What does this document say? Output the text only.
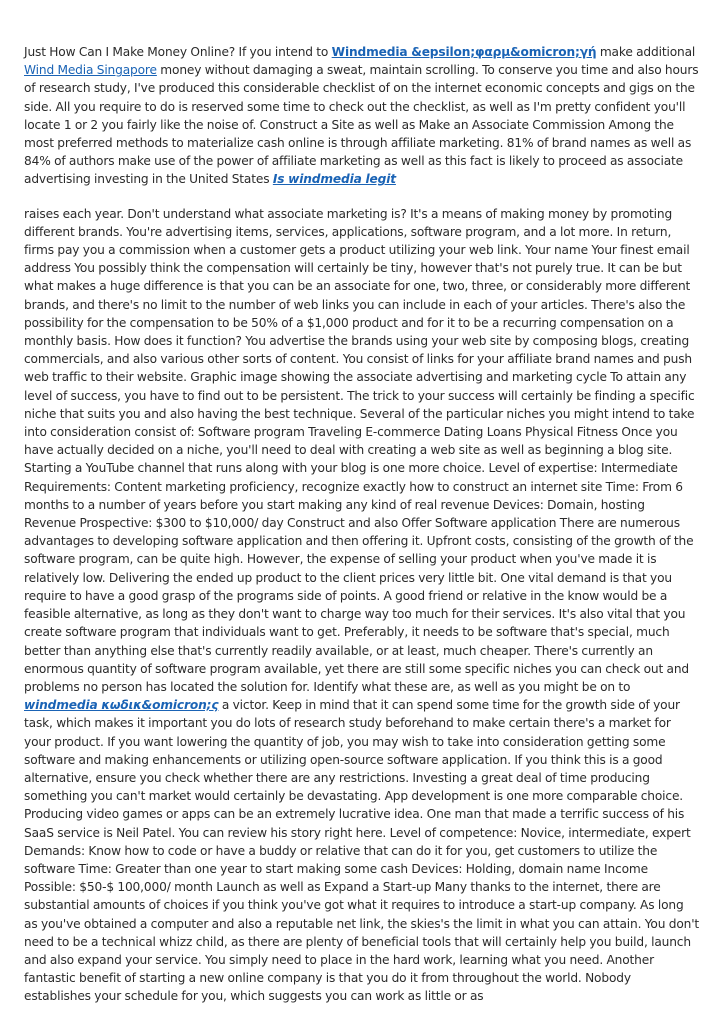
Just How Can I Make Money Online? If you intend to Windmedia &epsilon;φαρμ&omicron;γή make additional Wind Media Singapore money without damaging a sweat, maintain scrolling. To conserve you time and also hours of research study, I've produced this considerable checklist of on the internet economic concepts and gigs on the side. All you require to do is reserved some time to check out the checklist, as well as I'm pretty confident you'll locate 1 or 2 you fairly like the noise of. Construct a Site as well as Make an Associate Commission Among the most preferred methods to materialize cash online is through affiliate marketing. 81% of brand names as well as 84% of authors make use of the power of affiliate marketing as well as this fact is likely to proceed as associate advertising investing in the United States Is windmedia legit

raises each year. Don't understand what associate marketing is? It's a means of making money by promoting different brands. You're advertising items, services, applications, software program, and a lot more. In return, firms pay you a commission when a customer gets a product utilizing your web link. Your name Your finest email address You possibly think the compensation will certainly be tiny, however that's not purely true. It can be but what makes a huge difference is that you can be an associate for one, two, three, or considerably more different brands, and there's no limit to the number of web links you can include in each of your articles. There's also the possibility for the compensation to be 50% of a $1,000 product and for it to be a recurring compensation on a monthly basis. How does it function? You advertise the brands using your web site by composing blogs, creating commercials, and also various other sorts of content. You consist of links for your affiliate brand names and push web traffic to their website. Graphic image showing the associate advertising and marketing cycle To attain any level of success, you have to find out to be persistent. The trick to your success will certainly be finding a specific niche that suits you and also having the best technique. Several of the particular niches you might intend to take into consideration consist of: Software program Traveling E-commerce Dating Loans Physical Fitness Once you have actually decided on a niche, you'll need to deal with creating a web site as well as beginning a blog site. Starting a YouTube channel that runs along with your blog is one more choice. Level of expertise: Intermediate Requirements: Content marketing proficiency, recognize exactly how to construct an internet site Time: From 6 months to a number of years before you start making any kind of real revenue Devices: Domain, hosting Revenue Prospective: $300 to $10,000/ day Construct and also Offer Software application There are numerous advantages to developing software application and then offering it. Upfront costs, consisting of the growth of the software program, can be quite high. However, the expense of selling your product when you've made it is relatively low. Delivering the ended up product to the client prices very little bit. One vital demand is that you require to have a good grasp of the programs side of points. A good friend or relative in the know would be a feasible alternative, as long as they don't want to charge way too much for their services. It's also vital that you create software program that individuals want to get. Preferably, it needs to be software that's special, much better than anything else that's currently readily available, or at least, much cheaper. There's currently an enormous quantity of software program available, yet there are still some specific niches you can check out and problems no person has located the solution for. Identify what these are, as well as you might be on to windmedia κωδικ&omicron;ς a victor. Keep in mind that it can spend some time for the growth side of your task, which makes it important you do lots of research study beforehand to make certain there's a market for your product. If you want lowering the quantity of job, you may wish to take into consideration getting some software and making enhancements or utilizing open-source software application. If you think this is a good alternative, ensure you check whether there are any restrictions. Investing a great deal of time producing something you can't market would certainly be devastating. App development is one more comparable choice. Producing video games or apps can be an extremely lucrative idea. One man that made a terrific success of his SaaS service is Neil Patel. You can review his story right here. Level of competence: Novice, intermediate, expert Demands: Know how to code or have a buddy or relative that can do it for you, get customers to utilize the software Time: Greater than one year to start making some cash Devices: Holding, domain name Income Possible: $50-$ 100,000/ month Launch as well as Expand a Start-up Many thanks to the internet, there are substantial amounts of choices if you think you've got what it requires to introduce a start-up company. As long as you've obtained a computer and also a reputable net link, the skies's the limit in what you can attain. You don't need to be a technical whizz child, as there are plenty of beneficial tools that will certainly help you build, launch and also expand your service. You simply need to place in the hard work, learning what you need. Another fantastic benefit of starting a new online company is that you do it from throughout the world. Nobody establishes your schedule for you, which suggests you can work as little or as
